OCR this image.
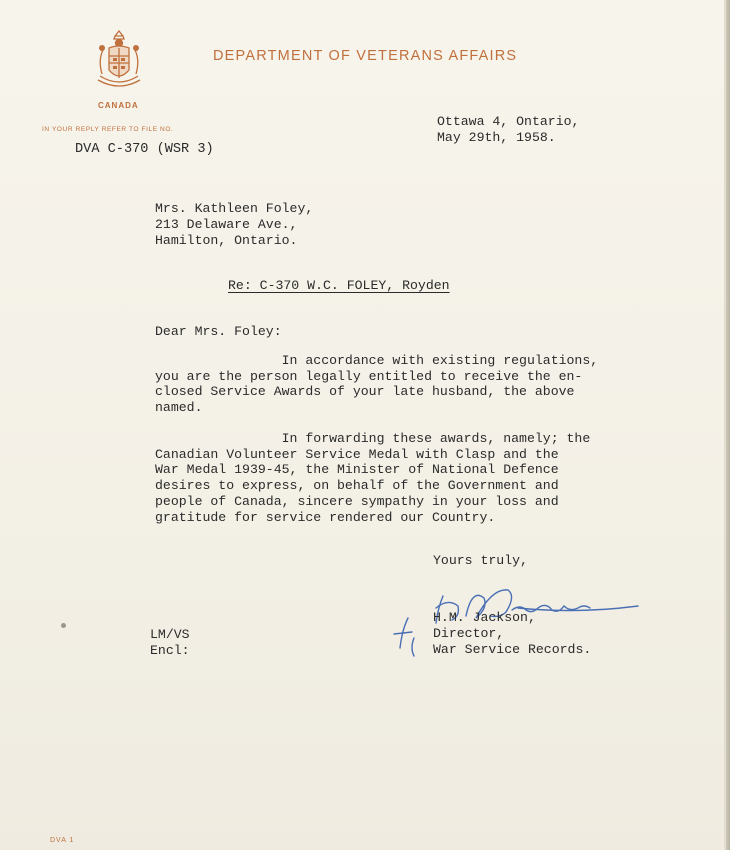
DEPARTMENT OF VETERANS AFFAIRS
CANADA
IN YOUR REPLY REFER TO FILE NO.
DVA C-370 (WSR 3)
Ottawa 4, Ontario,
May 29th, 1958.
Mrs. Kathleen Foley,
213 Delaware Ave.,
Hamilton, Ontario.
Re: C-370 W.C. FOLEY, Royden
Dear Mrs. Foley:
In accordance with existing regulations,
you are the person legally entitled to receive the en-
closed Service Awards of your late husband, the above
named.
In forwarding these awards, namely; the
Canadian Volunteer Service Medal with Clasp and the
War Medal 1939-45, the Minister of National Defence
desires to express, on behalf of the Government and
people of Canada, sincere sympathy in your loss and
gratitude for service rendered our Country.
Yours truly,
H.M. Jackson,
Director,
War Service Records.
LM/VS
Encl:
DVA 1
